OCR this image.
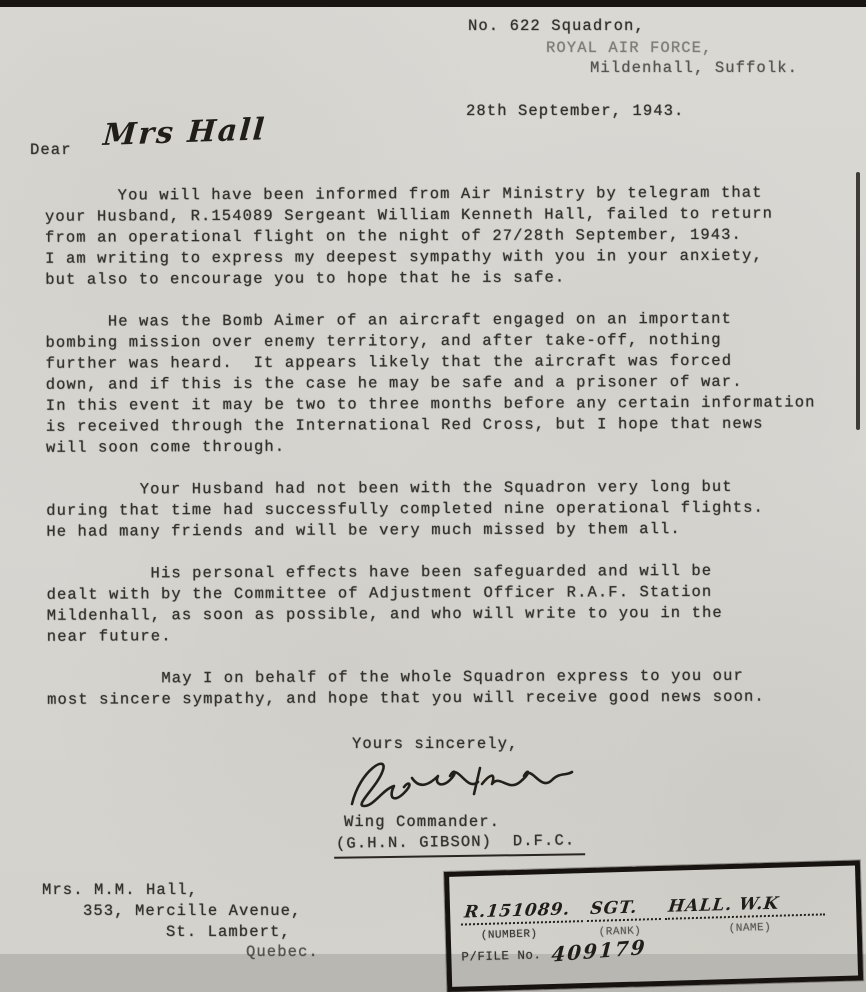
No. 622 Squadron,
ROYAL AIR FORCE,
Mildenhall, Suffolk.
28th September, 1943.
Dear Mrs Hall

You will have been informed from Air Ministry by telegram that
your Husband, R.154089 Sergeant William Kenneth Hall, failed to return
from an operational flight on the night of 27/28th September, 1943.
I am writing to express my deepest sympathy with you in your anxiety,
but also to encourage you to hope that he is safe.

He was the Bomb Aimer of an aircraft engaged on an important
bombing mission over enemy territory, and after take-off, nothing
further was heard.  It appears likely that the aircraft was forced
down, and if this is the case he may be safe and a prisoner of war.
In this event it may be two to three months before any certain information
is received through the International Red Cross, but I hope that news
will soon come through.

Your Husband had not been with the Squadron very long but
during that time had successfully completed nine operational flights.
He had many friends and will be very much missed by them all.

His personal effects have been safeguarded and will be
dealt with by the Committee of Adjustment Officer R.A.F. Station
Mildenhall, as soon as possible, and who will write to you in the
near future.

May I on behalf of the whole Squadron express to you our
most sincere sympathy, and hope that you will receive good news soon.

Yours sincerely,
Wing Commander.
(G.H.N. GIBSON)  D.F.C.
Mrs. M.M. Hall,
353, Mercille Avenue,
St. Lambert,
Quebec.
R.151089.	SGT.	HALL. W.K
(NUMBER)	(RANK)	(NAME)
P/FILE No. 409179
